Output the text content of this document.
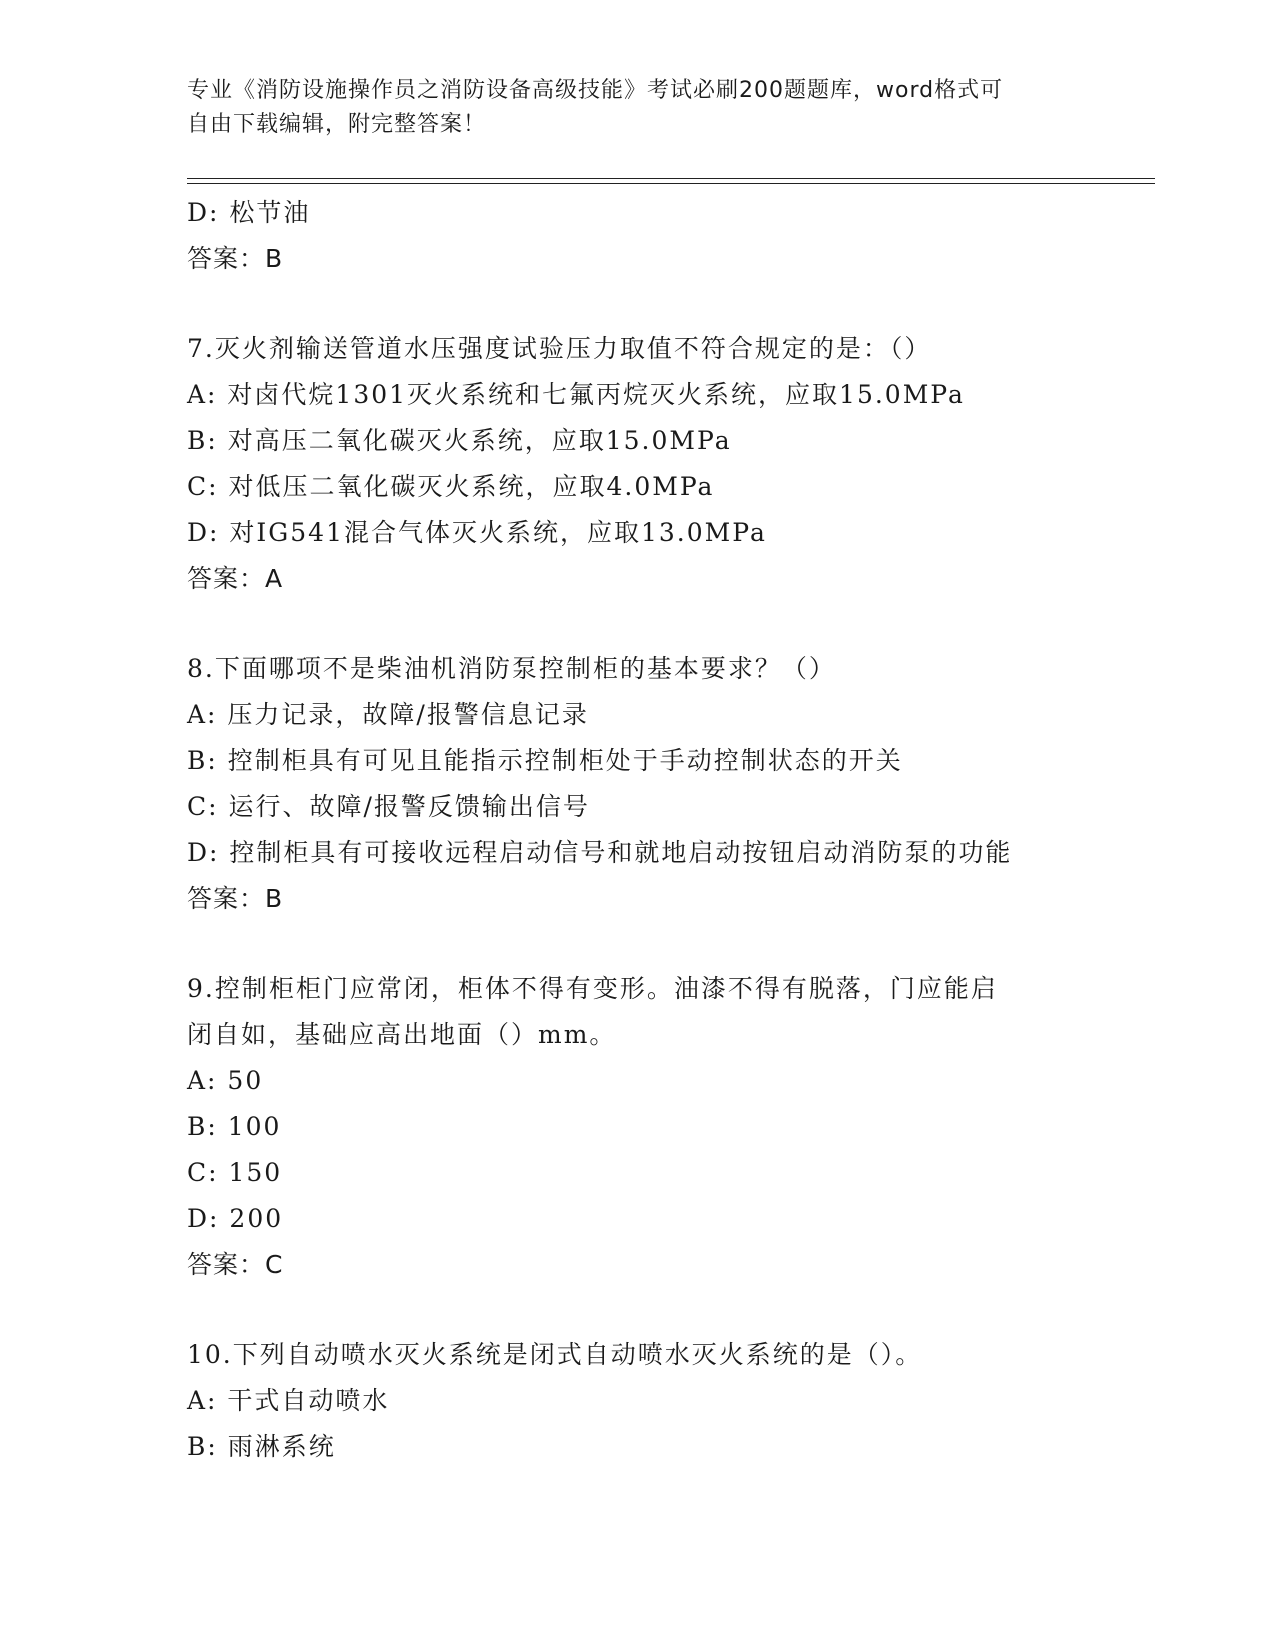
专业《消防设施操作员之消防设备高级技能》考试必刷200题题库，word格式可
自由下载编辑，附完整答案！
D: 松节油
答案：B
7.灭火剂输送管道水压强度试验压力取值不符合规定的是：（）
A: 对卤代烷1301灭火系统和七氟丙烷灭火系统，应取15.0MPa
B: 对高压二氧化碳灭火系统，应取15.0MPa
C: 对低压二氧化碳灭火系统，应取4.0MPa
D: 对IG541混合气体灭火系统，应取13.0MPa
答案：A
8.下面哪项不是柴油机消防泵控制柜的基本要求？（）
A: 压力记录，故障/报警信息记录
B: 控制柜具有可见且能指示控制柜处于手动控制状态的开关
C: 运行、故障/报警反馈输出信号
D: 控制柜具有可接收远程启动信号和就地启动按钮启动消防泵的功能
答案：B
9.控制柜柜门应常闭，柜体不得有变形。油漆不得有脱落，门应能启
闭自如，基础应高出地面（）mm。
A: 50
B: 100
C: 150
D: 200
答案：C
10.下列自动喷水灭火系统是闭式自动喷水灭火系统的是（）。
A: 干式自动喷水
B: 雨淋系统
